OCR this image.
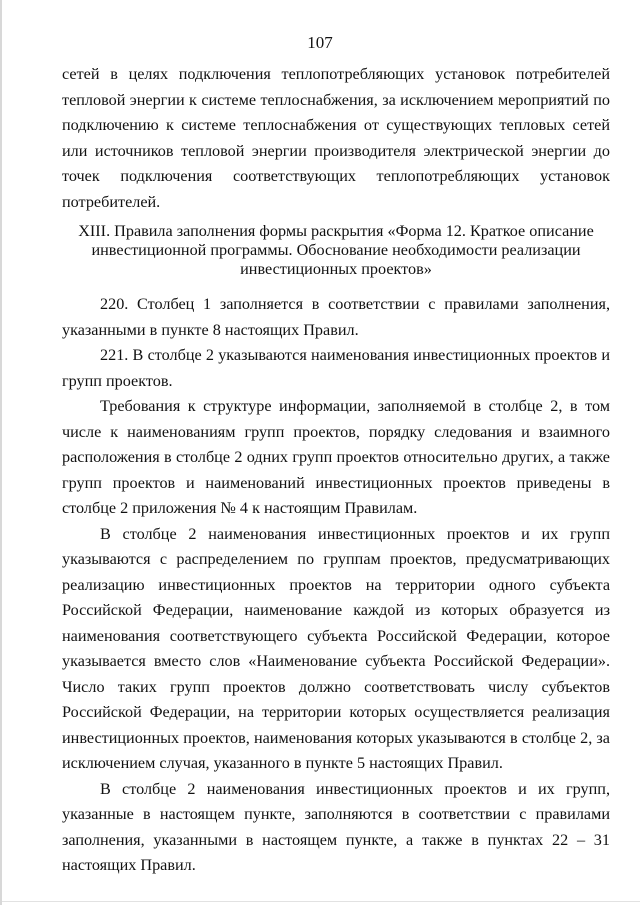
107

сетей в целях подключения теплопотребляющих установок потребителей тепловой энергии к системе теплоснабжения, за исключением мероприятий по подключению к системе теплоснабжения от существующих тепловых сетей или источников тепловой энергии производителя электрической энергии до точек подключения соответствующих теплопотребляющих установок потребителей.

XIII. Правила заполнения формы раскрытия «Форма 12. Краткое описание
инвестиционной программы. Обоснование необходимости реализации
инвестиционных проектов»

220. Столбец 1 заполняется в соответствии с правилами заполнения, указанными в пункте 8 настоящих Правил.

221. В столбце 2 указываются наименования инвестиционных проектов и групп проектов.

Требования к структуре информации, заполняемой в столбце 2, в том числе к наименованиям групп проектов, порядку следования и взаимного расположения в столбце 2 одних групп проектов относительно других, а также групп проектов и наименований инвестиционных проектов приведены в столбце 2 приложения № 4 к настоящим Правилам.

В столбце 2 наименования инвестиционных проектов и их групп указываются с распределением по группам проектов, предусматривающих реализацию инвестиционных проектов на территории одного субъекта Российской Федерации, наименование каждой из которых образуется из наименования соответствующего субъекта Российской Федерации, которое указывается вместо слов «Наименование субъекта Российской Федерации». Число таких групп проектов должно соответствовать числу субъектов Российской Федерации, на территории которых осуществляется реализация инвестиционных проектов, наименования которых указываются в столбце 2, за исключением случая, указанного в пункте 5 настоящих Правил.

В столбце 2 наименования инвестиционных проектов и их групп, указанные в настоящем пункте, заполняются в соответствии с правилами заполнения, указанными в настоящем пункте, а также в пунктах 22 – 31 настоящих Правил.
